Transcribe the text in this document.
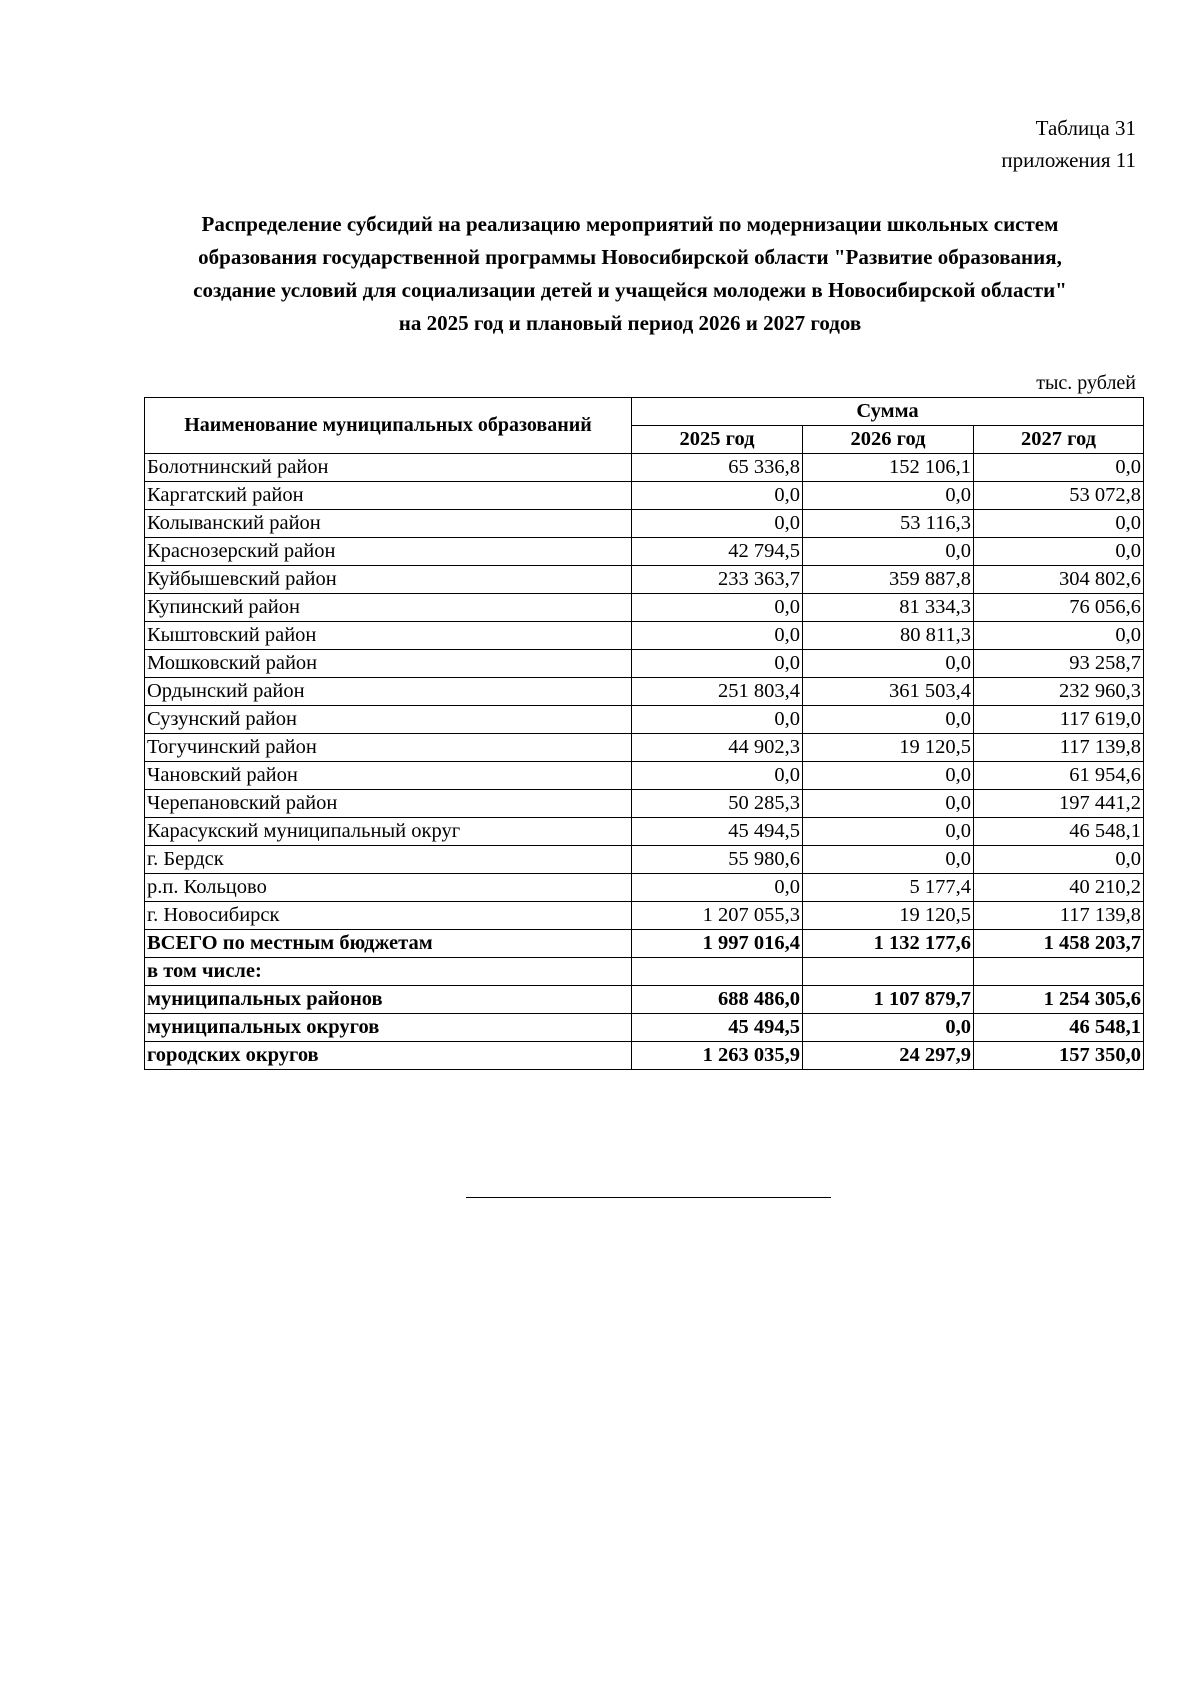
Таблица 31
приложения 11
Распределение субсидий на реализацию мероприятий по модернизации школьных систем
образования государственной программы Новосибирской области "Развитие образования,
создание условий для социализации детей и учащейся молодежи в Новосибирской области"
на 2025 год и плановый период 2026 и 2027 годов
тыс. рублей
Наименование муниципальных образований	Сумма		
	2025 год	2026 год	2027 год
Болотнинский район	65 336,8	152 106,1	0,0
Каргатский район	0,0	0,0	53 072,8
Колыванский район	0,0	53 116,3	0,0
Краснозерский район	42 794,5	0,0	0,0
Куйбышевский район	233 363,7	359 887,8	304 802,6
Купинский район	0,0	81 334,3	76 056,6
Кыштовский район	0,0	80 811,3	0,0
Мошковский район	0,0	0,0	93 258,7
Ордынский район	251 803,4	361 503,4	232 960,3
Сузунский район	0,0	0,0	117 619,0
Тогучинский район	44 902,3	19 120,5	117 139,8
Чановский район	0,0	0,0	61 954,6
Черепановский район	50 285,3	0,0	197 441,2
Карасукский муниципальный округ	45 494,5	0,0	46 548,1
г. Бердск	55 980,6	0,0	0,0
р.п. Кольцово	0,0	5 177,4	40 210,2
г. Новосибирск	1 207 055,3	19 120,5	117 139,8
ВСЕГО по местным бюджетам	1 997 016,4	1 132 177,6	1 458 203,7
в том числе:			
муниципальных районов	688 486,0	1 107 879,7	1 254 305,6
муниципальных округов	45 494,5	0,0	46 548,1
городских округов	1 263 035,9	24 297,9	157 350,0
